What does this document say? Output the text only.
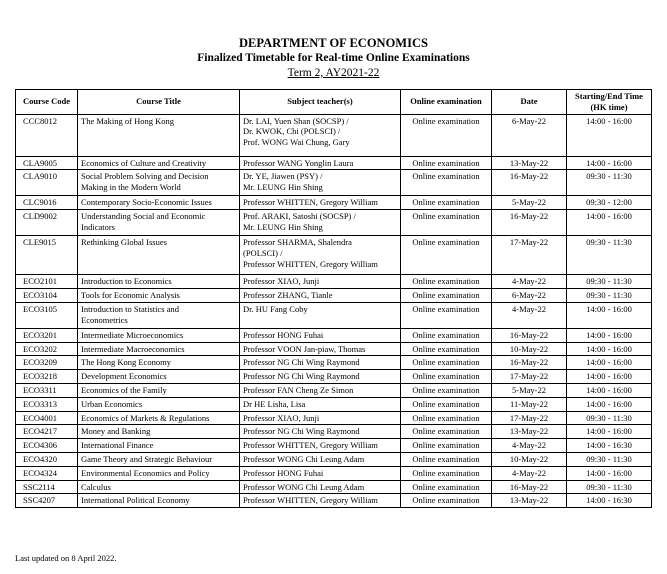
DEPARTMENT OF ECONOMICS
Finalized Timetable for Real-time Online Examinations
Term 2, AY2021-22
Course Code	Course Title	Subject teacher(s)	Online examination	Date	Starting/End Time (HK time)
CCC8012	The Making of Hong Kong	Dr. LAI, Yuen Shan (SOCSP) /
Dr. KWOK, Chi (POLSCI) /
Prof. WONG Wai Chung, Gary	Online examination	6-May-22	14:00 - 16:00
CLA9005	Economics of Culture and Creativity	Professor WANG Yonglin Laura	Online examination	13-May-22	14:00 - 16:00
CLA9010	Social Problem Solving and Decision
Making in the Modern World	Dr. YE, Jiawen (PSY) /
Mr. LEUNG Hin Shing	Online examination	16-May-22	09:30 - 11:30
CLC9016	Contemporary Socio-Economic Issues	Professor WHITTEN, Gregory William	Online examination	5-May-22	09:30 - 12:00
CLD9002	Understanding Social and Economic
Indicators	Prof. ARAKI, Satoshi (SOCSP) /
Mr. LEUNG Hin Shing	Online examination	16-May-22	14:00 - 16:00
CLE9015	Rethinking Global Issues	Professor SHARMA, Shalendra
(POLSCI) /
Professor WHITTEN, Gregory William	Online examination	17-May-22	09:30 - 11:30
ECO2101	Introduction to Economics	Professor XIAO, Junji	Online examination	4-May-22	09:30 - 11:30
ECO3104	Tools for Economic Analysis	Professor ZHANG, Tianle	Online examination	6-May-22	09:30 - 11:30
ECO3105	Introduction to Statistics and
Econometrics	Dr. HU Fang Coby	Online examination	4-May-22	14:00 - 16:00
ECO3201	Intermediate Microeconomics	Professor HONG Fuhai	Online examination	16-May-22	14:00 - 16:00
ECO3202	Intermediate Macroeconomics	Professor VOON Jan-piaw, Thomas	Online examination	10-May-22	14:00 - 16:00
ECO3209	The Hong Kong Economy	Professor NG Chi Wing Raymond	Online examination	16-May-22	14:00 - 16:00
ECO3218	Development Economics	Professor NG Chi Wing Raymond	Online examination	17-May-22	14:00 - 16:00
ECO3311	Economics of the Family	Professor FAN Cheng Ze Simon	Online examination	5-May-22	14:00 - 16:00
ECO3313	Urban Economics	Dr HE Lisha, Lisa	Online examination	11-May-22	14:00 - 16:00
ECO4001	Economics of Markets & Regulations	Professor XIAO, Junji	Online examination	17-May-22	09:30 - 11:30
ECO4217	Money and Banking	Professor NG Chi Wing Raymond	Online examination	13-May-22	14:00 - 16:00
ECO4306	International Finance	Professor WHITTEN, Gregory William	Online examination	4-May-22	14:00 - 16:30
ECO4320	Game Theory and Strategic Behaviour	Professor WONG Chi Leung Adam	Online examination	10-May-22	09:30 - 11:30
ECO4324	Environmental Economics and Policy	Professor HONG Fuhai	Online examination	4-May-22	14:00 - 16:00
SSC2114	Calculus	Professor WONG Chi Leung Adam	Online examination	16-May-22	09:30 - 11:30
SSC4207	International Political Economy	Professor WHITTEN, Gregory William	Online examination	13-May-22	14:00 - 16:30
Last updated on 8 April 2022.
